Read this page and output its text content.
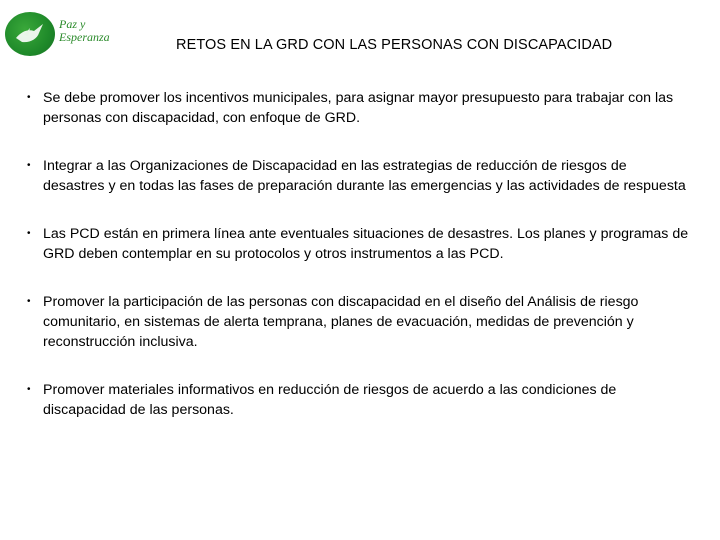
Paz y
Esperanza	RETOS EN LA GRD CON LAS PERSONAS CON DISCAPACIDAD
• Se debe promover los incentivos municipales, para asignar mayor presupuesto para trabajar con las personas con discapacidad, con enfoque de GRD.
• Integrar a las Organizaciones de Discapacidad en las estrategias de reducción de riesgos de desastres y en todas las fases de preparación durante las emergencias y las actividades de respuesta
• Las PCD están en primera línea ante eventuales situaciones de desastres. Los planes y programas de GRD deben contemplar en su protocolos y otros instrumentos a las PCD.
• Promover la participación de las personas con discapacidad en el diseño del Análisis de riesgo comunitario, en sistemas de alerta temprana, planes de evacuación, medidas de prevención y reconstrucción inclusiva.
• Promover materiales informativos en reducción de riesgos de acuerdo a las condiciones de discapacidad de las personas.
